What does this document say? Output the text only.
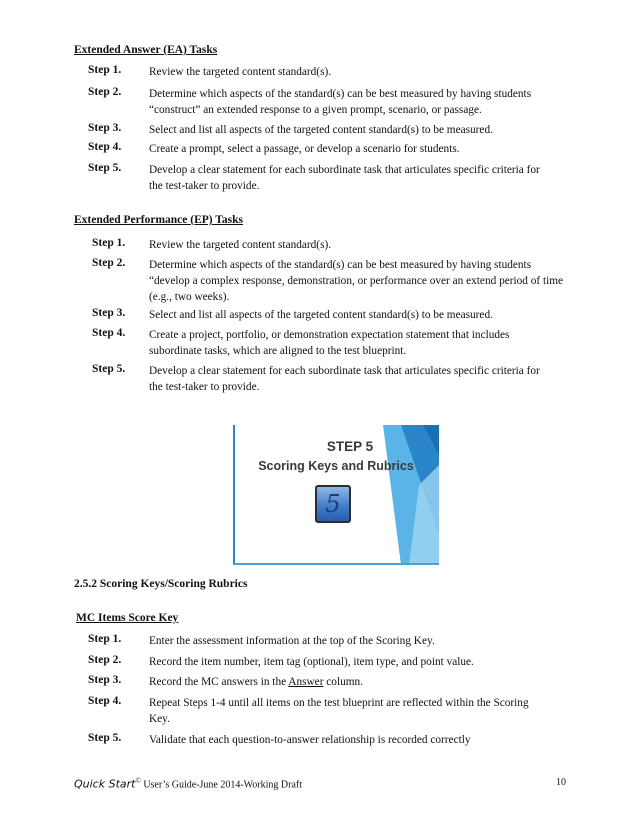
Extended Answer (EA) Tasks
Step 1. Review the targeted content standard(s).
Step 2. Determine which aspects of the standard(s) can be best measured by having students “construct” an extended response to a given prompt, scenario, or passage.
Step 3. Select and list all aspects of the targeted content standard(s) to be measured.
Step 4. Create a prompt, select a passage, or develop a scenario for students.
Step 5. Develop a clear statement for each subordinate task that articulates specific criteria for the test-taker to provide.
Extended Performance (EP) Tasks
Step 1. Review the targeted content standard(s).
Step 2. Determine which aspects of the standard(s) can be best measured by having students “develop a complex response, demonstration, or performance over an extend period of time (e.g., two weeks).
Step 3. Select and list all aspects of the targeted content standard(s) to be measured.
Step 4. Create a project, portfolio, or demonstration expectation statement that includes subordinate tasks, which are aligned to the test blueprint.
Step 5. Develop a clear statement for each subordinate task that articulates specific criteria for the test-taker to provide.
STEP 5
Scoring Keys and Rubrics
5
2.5.2 Scoring Keys/Scoring Rubrics
MC Items Score Key
Step 1. Enter the assessment information at the top of the Scoring Key.
Step 2. Record the item number, item tag (optional), item type, and point value.
Step 3. Record the MC answers in the Answer column.
Step 4. Repeat Steps 1-4 until all items on the test blueprint are reflected within the Scoring Key.
Step 5. Validate that each question-to-answer relationship is recorded correctly
Quick Start© User’s Guide-June 2014-Working Draft	10
